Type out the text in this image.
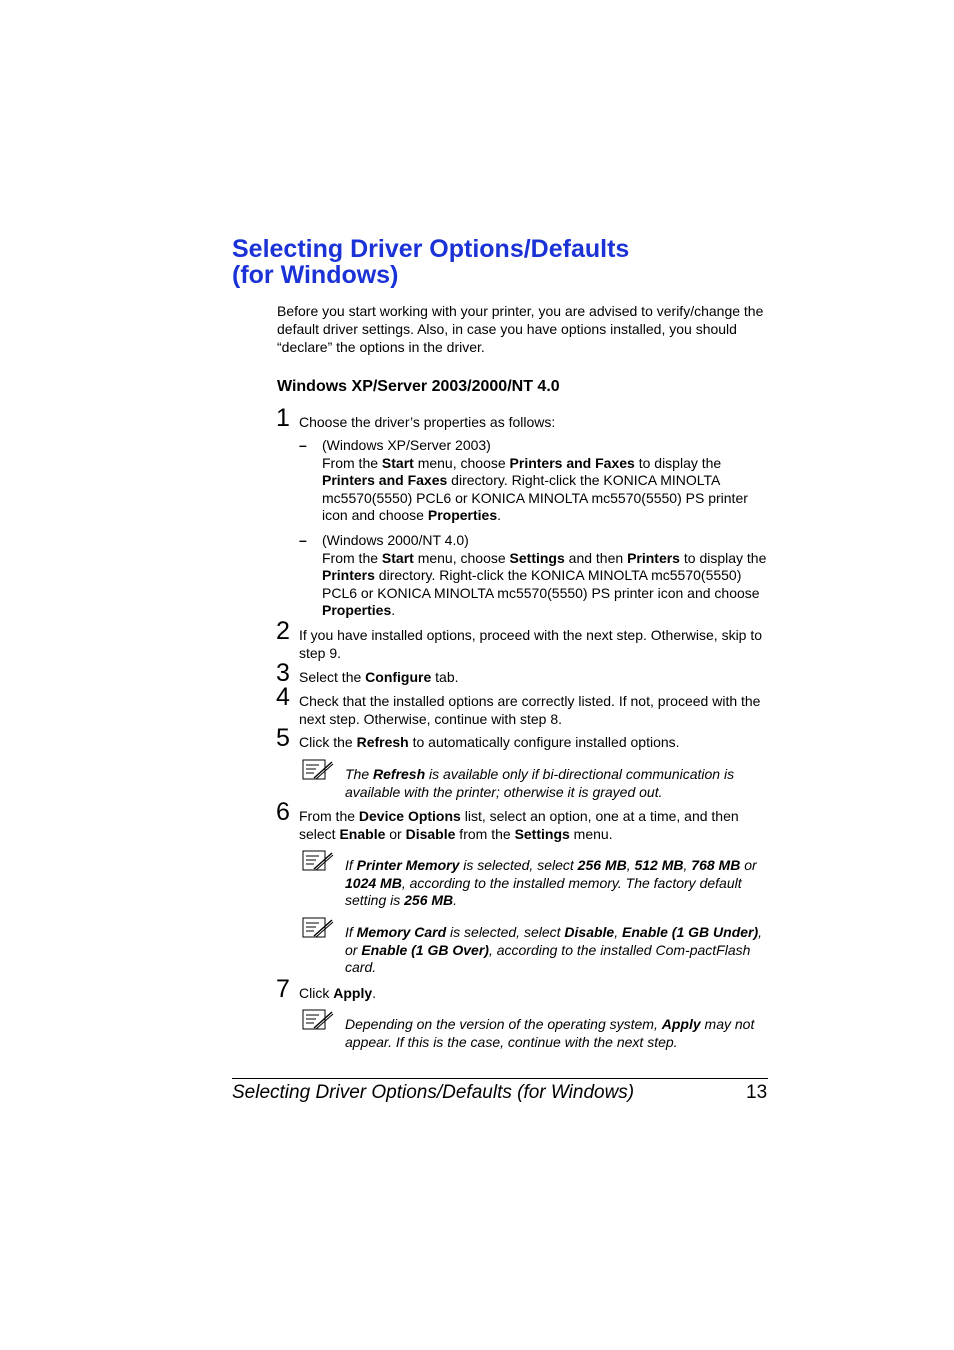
Selecting Driver Options/Defaults
(for Windows)

Before you start working with your printer, you are advised to verify/change the default driver settings. Also, in case you have options installed, you should “declare” the options in the driver.

Windows XP/Server 2003/2000/NT 4.0
1 Choose the driver’s properties as follows:

– (Windows XP/Server 2003)
From the Start menu, choose Printers and Faxes to display the Printers and Faxes directory. Right-click the KONICA MINOLTA mc5570(5550) PCL6 or KONICA MINOLTA mc5570(5550) PS printer icon and choose Properties.

– (Windows 2000/NT 4.0)
From the Start menu, choose Settings and then Printers to display the Printers directory. Right-click the KONICA MINOLTA mc5570(5550) PCL6 or KONICA MINOLTA mc5570(5550) PS printer icon and choose Properties.

2 If you have installed options, proceed with the next step. Otherwise, skip to step 9.

3 Select the Configure tab.

4 Check that the installed options are correctly listed. If not, proceed with the next step. Otherwise, continue with step 8.

5 Click the Refresh to automatically configure installed options.

The Refresh is available only if bi-directional communication is available with the printer; otherwise it is grayed out.

6 From the Device Options list, select an option, one at a time, and then select Enable or Disable from the Settings menu.

If Printer Memory is selected, select 256 MB, 512 MB, 768 MB or 1024 MB, according to the installed memory. The factory default setting is 256 MB.

If Memory Card is selected, select Disable, Enable (1 GB Under), or Enable (1 GB Over), according to the installed Com-pactFlash card.

7 Click Apply.

Depending on the version of the operating system, Apply may not appear. If this is the case, continue with the next step.

Selecting Driver Options/Defaults (for Windows)	13
